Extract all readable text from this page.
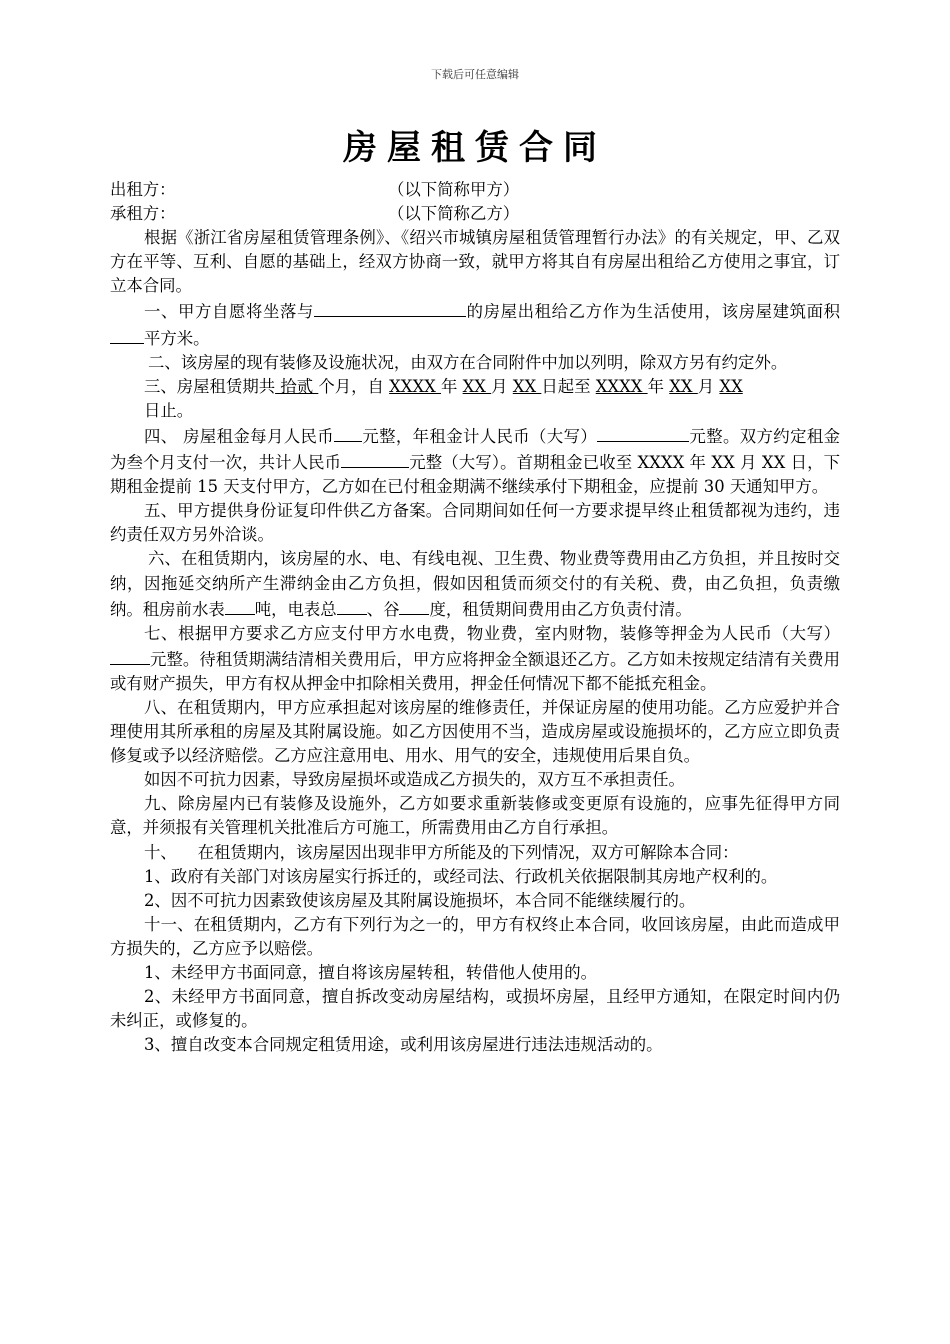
下载后可任意编辑
房屋租赁合同
出租方：	（以下简称甲方）
承租方：	（以下简称乙方）

根据《浙江省房屋租赁管理条例》、《绍兴市城镇房屋租赁管理暂行办法》的有关规定，甲、乙双方在平等、互利、自愿的基础上，经双方协商一致，就甲方将其自有房屋出租给乙方使用之事宜，订立本合同。

一、甲方自愿将坐落与	的房屋出租给乙方作为生活使用，该房屋建筑面积 平方米。

二、该房屋的现有装修及设施状况，由双方在合同附件中加以列明，除双方另有约定外。

三、房屋租赁期共 拾贰 个月，自 XXXX 年 XX 月 XX 日起至 XXXX 年 XX 月 XX
日止。

四、 房屋租金每月人民币 元整，年租金计人民币（大写）	元整。双方约定租金为叁个月支付一次，共计人民币	元整（大写）。首期租金已收至 XXXX 年 XX 月 XX 日，下期租金提前 15 天支付甲方，乙方如在已付租金期满不继续承付下期租金，应提前 30 天通知甲方。

五、甲方提供身份证复印件供乙方备案。合同期间如任何一方要求提早终止租赁都视为违约，违约责任双方另外洽谈。

六、在租赁期内，该房屋的水、电、有线电视、卫生费、物业费等费用由乙方负担，并且按时交纳，因拖延交纳所产生滞纳金由乙方负担，假如因租赁而须交付的有关税、费，由乙负担，负责缴纳。租房前水表 吨，电表总 、谷 度，租赁期间费用由乙方负责付清。

七、根据甲方要求乙方应支付甲方水电费，物业费，室内财物，装修等押金为人民币（大写）元整。待租赁期满结清相关费用后，甲方应将押金全额退还乙方。乙方如未按规定结清有关费用或有财产损失，甲方有权从押金中扣除相关费用，押金任何情况下都不能抵充租金。

八、在租赁期内，甲方应承担起对该房屋的维修责任，并保证房屋的使用功能。乙方应爱护并合理使用其所承租的房屋及其附属设施。如乙方因使用不当，造成房屋或设施损坏的，乙方应立即负责修复或予以经济赔偿。乙方应注意用电、用水、用气的安全，违规使用后果自负。

如因不可抗力因素，导致房屋损坏或造成乙方损失的，双方互不承担责任。

九、除房屋内已有装修及设施外，乙方如要求重新装修或变更原有设施的，应事先征得甲方同意，并须报有关管理机关批准后方可施工，所需费用由乙方自行承担。

十、    在租赁期内，该房屋因出现非甲方所能及的下列情况，双方可解除本合同：

1、政府有关部门对该房屋实行拆迁的，或经司法、行政机关依据限制其房地产权利的。

2、因不可抗力因素致使该房屋及其附属设施损坏，本合同不能继续履行的。

十一、在租赁期内，乙方有下列行为之一的，甲方有权终止本合同，收回该房屋，由此而造成甲方损失的，乙方应予以赔偿。

1、未经甲方书面同意，擅自将该房屋转租，转借他人使用的。

2、未经甲方书面同意，擅自拆改变动房屋结构，或损坏房屋，且经甲方通知，在限定时间内仍未纠正，或修复的。

3、擅自改变本合同规定租赁用途，或利用该房屋进行违法违规活动的。
